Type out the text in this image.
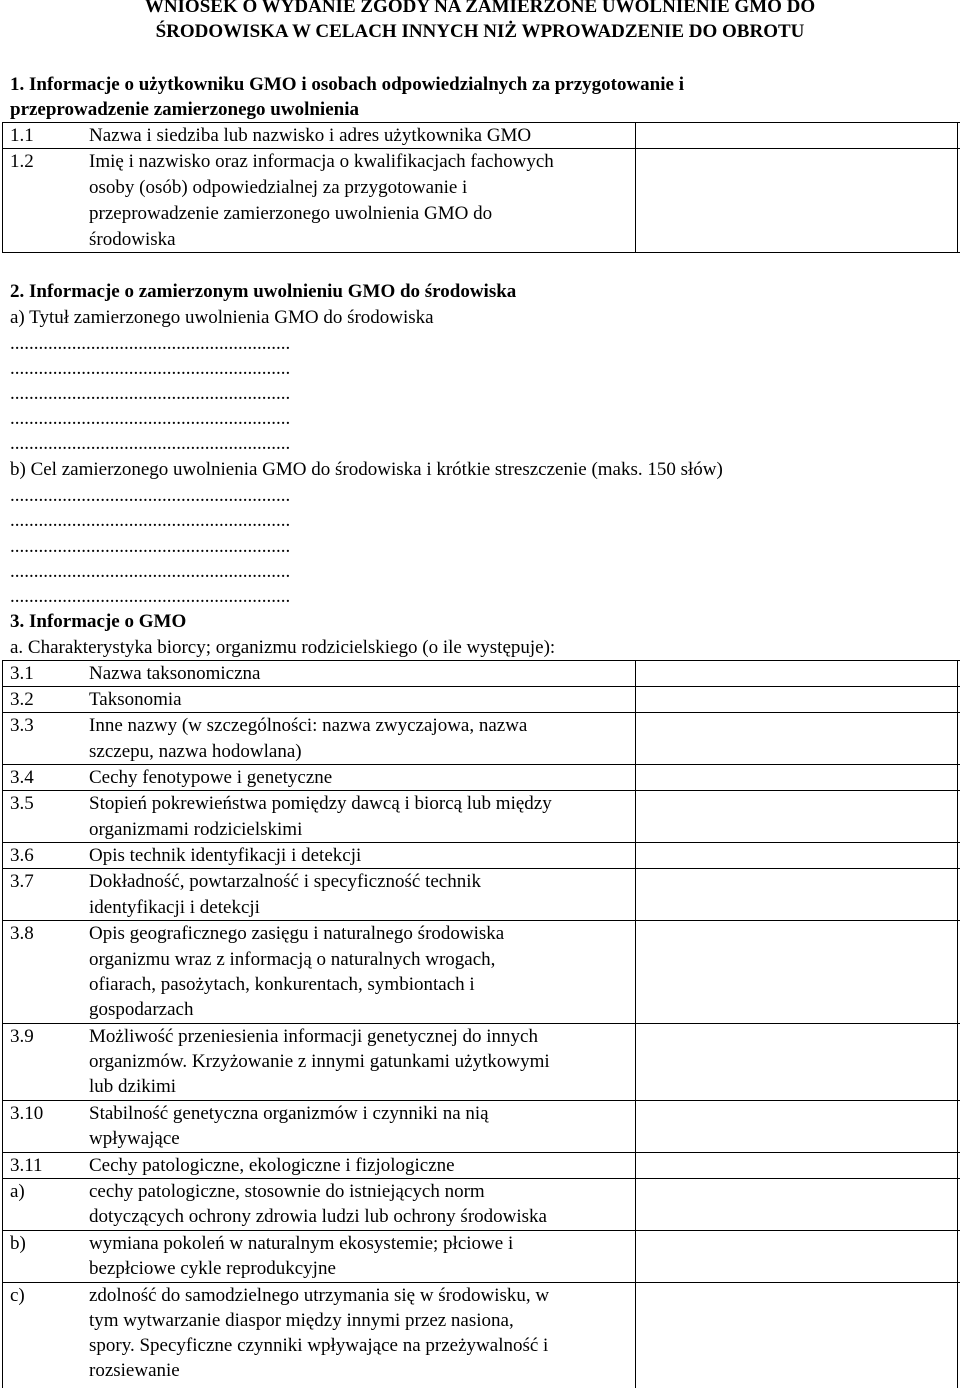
WNIOSEK O WYDANIE ZGODY NA ZAMIERZONE UWOLNIENIE GMO DO
ŚRODOWISKA W CELACH INNYCH NIŻ WPROWADZENIE DO OBROTU
1. Informacje o użytkowniku GMO i osobach odpowiedzialnych za przygotowanie i
przeprowadzenie zamierzonego uwolnienia
1.1	Nazwa i siedziba lub nazwisko i adres użytkownika GMO
1.2	Imię i nazwisko oraz informacja o kwalifikacjach fachowych
osoby (osób) odpowiedzialnej za przygotowanie i
przeprowadzenie zamierzonego uwolnienia GMO do
środowiska
2. Informacje o zamierzonym uwolnieniu GMO do środowiska
a) Tytuł zamierzonego uwolnienia GMO do środowiska
...........................................................
...........................................................
...........................................................
...........................................................
...........................................................
b) Cel zamierzonego uwolnienia GMO do środowiska i krótkie streszczenie (maks. 150 słów)
...........................................................
...........................................................
...........................................................
...........................................................
...........................................................
3. Informacje o GMO
a. Charakterystyka biorcy; organizmu rodzicielskiego (o ile występuje):
3.1	Nazwa taksonomiczna
3.2	Taksonomia
3.3	Inne nazwy (w szczególności: nazwa zwyczajowa, nazwa
szczepu, nazwa hodowlana)
3.4	Cechy fenotypowe i genetyczne
3.5	Stopień pokrewieństwa pomiędzy dawcą i biorcą lub między
organizmami rodzicielskimi
3.6	Opis technik identyfikacji i detekcji
3.7	Dokładność, powtarzalność i specyficzność technik
identyfikacji i detekcji
3.8	Opis geograficznego zasięgu i naturalnego środowiska
organizmu wraz z informacją o naturalnych wrogach,
ofiarach, pasożytach, konkurentach, symbiontach i
gospodarzach
3.9	Możliwość przeniesienia informacji genetycznej do innych
organizmów. Krzyżowanie z innymi gatunkami użytkowymi
lub dzikimi
3.10 Stabilność genetyczna organizmów i czynniki na nią
wpływające
3.11 Cechy patologiczne, ekologiczne i fizjologiczne
a)	cechy patologiczne, stosownie do istniejących norm
dotyczących ochrony zdrowia ludzi lub ochrony środowiska
b)	wymiana pokoleń w naturalnym ekosystemie; płciowe i
bezpłciowe cykle reprodukcyjne
c)	zdolność do samodzielnego utrzymania się w środowisku, w
tym wytwarzanie diaspor między innymi przez nasiona,
spory. Specyficzne czynniki wpływające na przeżywalność i
rozsiewanie
